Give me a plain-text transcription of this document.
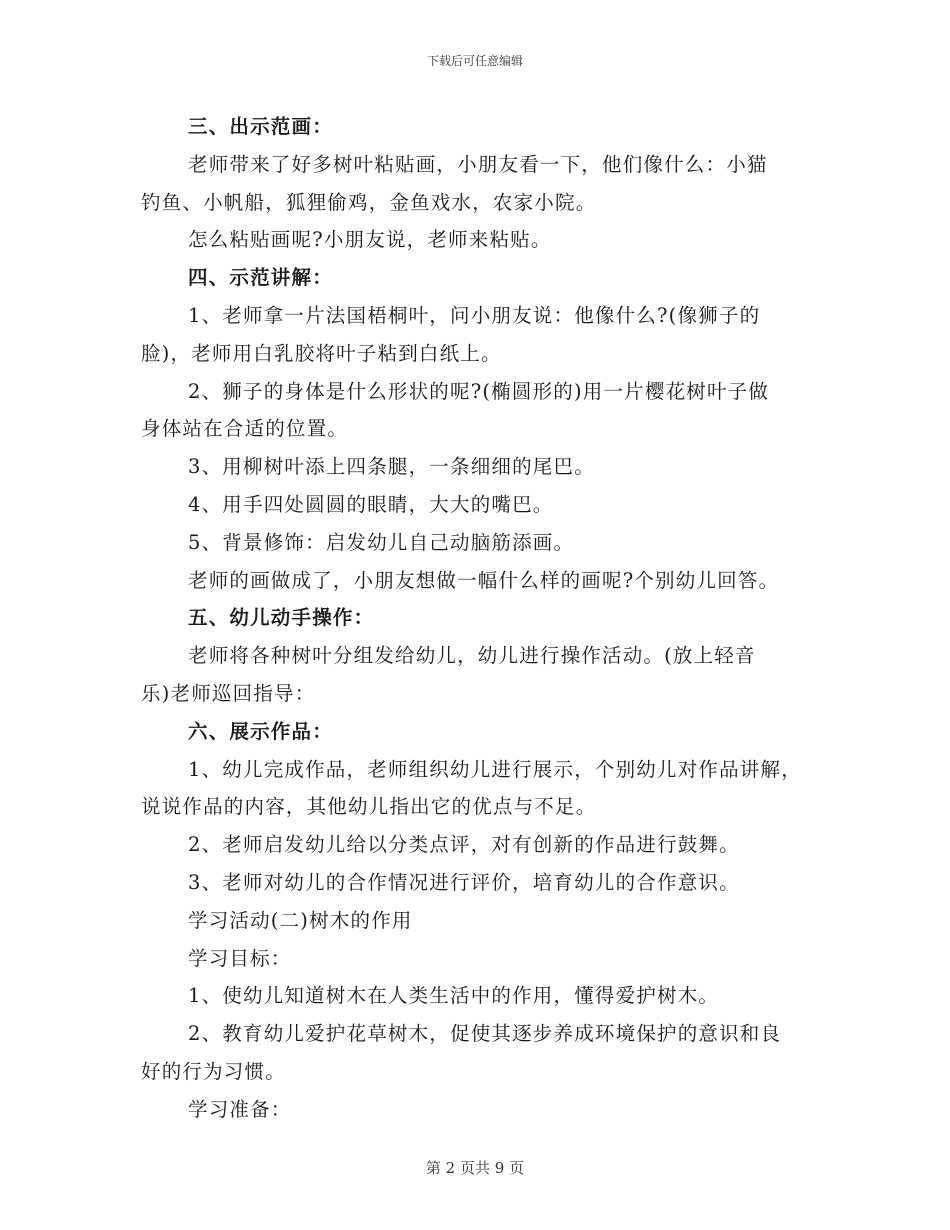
下载后可任意编辑

三、出示范画：

老师带来了好多树叶粘贴画，小朋友看一下，他们像什么：小猫

钓鱼、小帆船，狐狸偷鸡，金鱼戏水，农家小院。

怎么粘贴画呢?小朋友说，老师来粘贴。

四、示范讲解：

1、老师拿一片法国梧桐叶，问小朋友说：他像什么?(像狮子的

脸)，老师用白乳胶将叶子粘到白纸上。

2、狮子的身体是什么形状的呢?(椭圆形的)用一片樱花树叶子做

身体站在合适的位置。

3、用柳树叶添上四条腿，一条细细的尾巴。

4、用手四处圆圆的眼睛，大大的嘴巴。

5、背景修饰：启发幼儿自己动脑筋添画。

老师的画做成了，小朋友想做一幅什么样的画呢?个别幼儿回答。

五、幼儿动手操作：

老师将各种树叶分组发给幼儿，幼儿进行操作活动。(放上轻音

乐)老师巡回指导：

六、展示作品：

1、幼儿完成作品，老师组织幼儿进行展示，个别幼儿对作品讲解，

说说作品的内容，其他幼儿指出它的优点与不足。

2、老师启发幼儿给以分类点评，对有创新的作品进行鼓舞。

3、老师对幼儿的合作情况进行评价，培育幼儿的合作意识。

学习活动(二)树木的作用

学习目标：

1、使幼儿知道树木在人类生活中的作用，懂得爱护树木。

2、教育幼儿爱护花草树木，促使其逐步养成环境保护的意识和良

好的行为习惯。

学习准备：

第 2 页共 9 页
